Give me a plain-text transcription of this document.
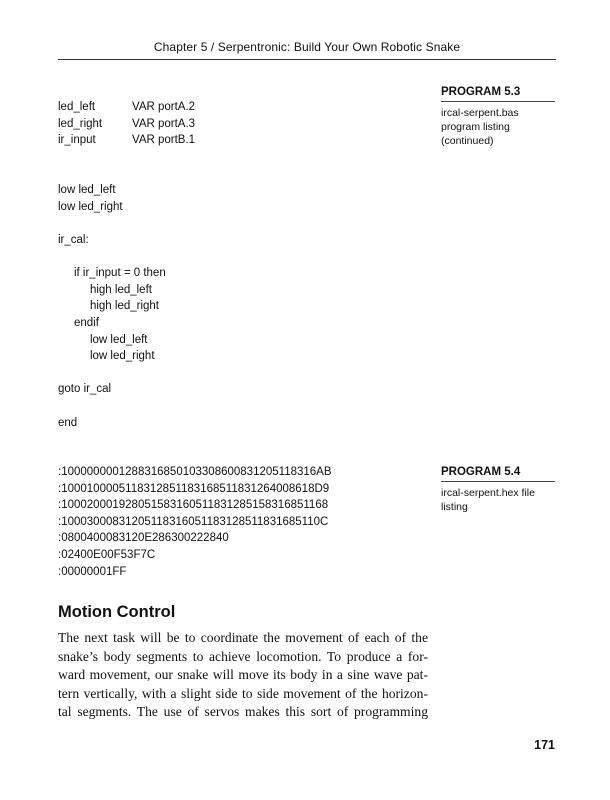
Chapter 5 / Serpentronic: Build Your Own Robotic Snake
PROGRAM 5.3
ircal-serpent.bas
program listing
(continued)
led_left	VAR portA.2
led_right	VAR portA.3
ir_input	VAR portB.1
low led_left
low led_right
ir_cal:
if ir_input = 0 then
high led_left
high led_right
endif
low led_left
low led_right
goto ir_cal
end
PROGRAM 5.4
ircal-serpent.hex file
listing
:1000000001288316850103308600831205118316AB
:1000100005118312851183168511831264008618D9
:100020001928051583160511831285158316851168
:10003000831205118316051183128511831685110C
:0800400083120E286300222840
:02400E00F53F7C
:00000001FF
Motion Control
The next task will be to coordinate the movement of each of the
snake’s body segments to achieve locomotion. To produce a for-
ward movement, our snake will move its body in a sine wave pat-
tern vertically, with a slight side to side movement of the horizon-
tal segments. The use of servos makes this sort of programming
171
